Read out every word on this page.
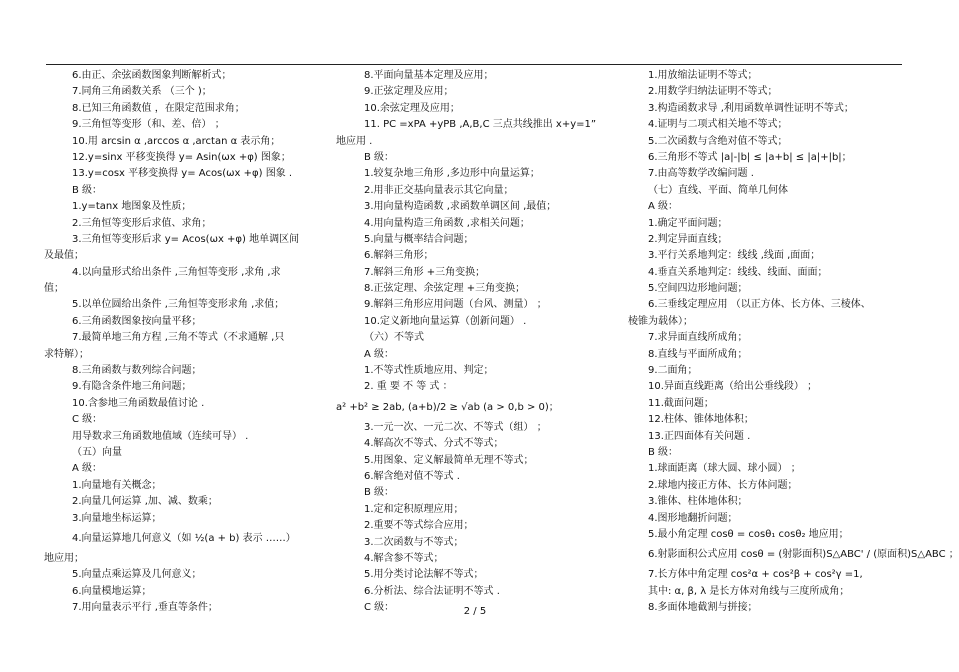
6.由正、余弦函数图象判断解析式；
7.同角三角函数关系 （三个 )；
8.已知三角函数值 ，在限定范围求角；
9.三角恒等变形（和、差、倍） ；
10.用 arcsin α ,arccos α ,arctan α 表示角；
12.y=sinx 平移变换得 y= Asin(ωx +φ) 图象；
13.y=cosx 平移变换得 y= Acos(ωx +φ) 图象 .
B 级：
1.y=tanx 地图象及性质；
2.三角恒等变形后求值、求角；
3.三角恒等变形后求 y= Acos(ωx +φ) 地单调区间
及最值；
4.以向量形式给出条件 ,三角恒等变形 ,求角 ,求
值；
5.以单位圆给出条件 ,三角恒等变形求角 ,求值；
6.三角函数图象按向量平移；
7.最简单地三角方程 ,三角不等式（不求通解 ,只
求特解）；
8.三角函数与数列综合问题；
9.有隐含条件地三角问题；
10.含参地三角函数最值讨论 .
C 级：
用导数求三角函数地值域（连续可导） .
（五）向量
A 级：
1.向量地有关概念；
2.向量几何运算 ,加、减、数乘；
3.向量地坐标运算；
4.向量运算地几何意义（如 ½(a + b) 表示 ……）
地应用；
5.向量点乘运算及几何意义；
6.向量模地运算；
7.用向量表示平行 ,垂直等条件；
8.平面向量基本定理及应用；
9.正弦定理及应用；
10.余弦定理及应用；
11. PC =xPA +yPB ,A,B,C 三点共线推出 x+y=1”
地应用 .
B 级：
1.较复杂地三角形 ,多边形中向量运算；
2.用非正交基向量表示其它向量；
3.用向量构造函数 ,求函数单调区间 ,最值；
4.用向量构造三角函数 ,求相关问题；
5.向量与概率结合问题；
6.解斜三角形；
7.解斜三角形 +三角变换；
8.正弦定理、余弦定理 +三角变换；
9.解斜三角形应用问题（台风、测量） ；
10.定义新地向量运算（创新问题） .
（六）不等式
A 级：
1.不等式性质地应用、判定；
2. 重 要 不 等 式 ：
a² +b² ≥ 2ab, (a+b)/2 ≥ √ab (a > 0,b > 0)；
3.一元一次、一元二次、不等式（组） ；
4.解高次不等式、分式不等式；
5.用图象、定义解最简单无理不等式；
6.解含绝对值不等式 .
B 级：
1.定和定积原理应用；
2.重要不等式综合应用；
3.二次函数与不等式；
4.解含参不等式；
5.用分类讨论法解不等式；
6.分析法、综合法证明不等式 .
C 级：
1.用放缩法证明不等式；
2.用数学归纳法证明不等式；
3.构造函数求导 ,利用函数单调性证明不等式；
4.证明与二项式相关地不等式；
5.二次函数与含绝对值不等式；
6.三角形不等式 |a|-|b| ≤ |a+b| ≤ |a|+|b|；
7.由高等数学改编问题 .
（七）直线、平面、简单几何体
A 级：
1.确定平面问题；
2.判定异面直线；
3.平行关系地判定：线线 ,线面 ,面面；
4.垂直关系地判定：线线、线面、面面；
5.空间四边形地问题；
6.三垂线定理应用 （以正方体、长方体、三棱体、
棱锥为载体）；
7.求异面直线所成角；
8.直线与平面所成角；
9.二面角；
10.异面直线距离（给出公垂线段） ；
11.截面问题；
12.柱体、锥体地体积；
13.正四面体有关问题 .
B 级：
1.球面距离（球大圆、球小圆） ；
2.球地内接正方体、长方体问题；
3.锥体、柱体地体积；
4.图形地翻折问题；
5.最小角定理 cosθ = cosθ₁ cosθ₂ 地应用；
6.射影面积公式应用 cosθ = (射影面积)S△ABC' / (原面积)S△ABC ；
7.长方体中角定理 cos²α + cos²β + cos²γ =1,
其中: α, β, λ 是长方体对角线与三度所成角；
8.多面体地截割与拼接；
2 / 5
